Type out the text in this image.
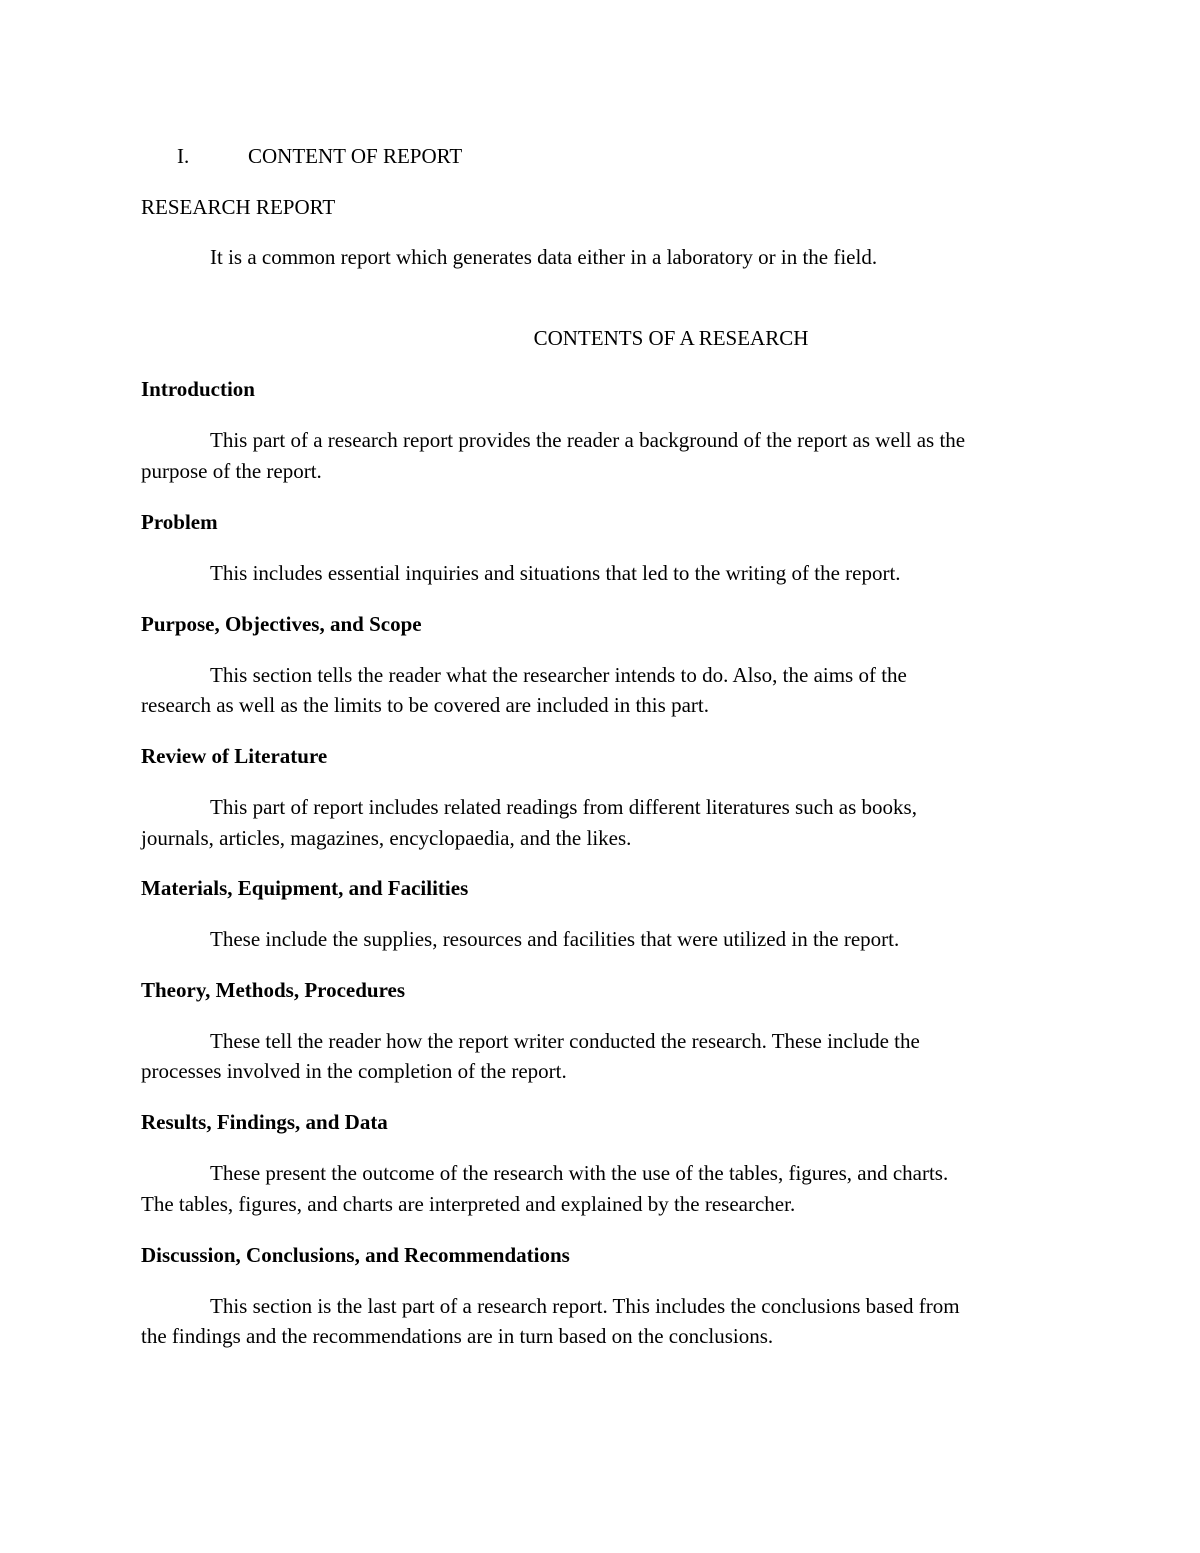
I.	CONTENT OF REPORT
RESEARCH REPORT
It is a common report which generates data either in a laboratory or in the field.
CONTENTS OF A RESEARCH
Introduction
This part of a research report provides the reader a background of the report as well as the
purpose of the report.
Problem
This includes essential inquiries and situations that led to the writing of the report.
Purpose, Objectives, and Scope
This section tells the reader what the researcher intends to do. Also, the aims of the
research as well as the limits to be covered are included in this part.
Review of Literature
This part of report includes related readings from different literatures such as books,
journals, articles, magazines, encyclopaedia, and the likes.
Materials, Equipment, and Facilities
These include the supplies, resources and facilities that were utilized in the report.
Theory, Methods, Procedures
These tell the reader how the report writer conducted the research. These include the
processes involved in the completion of the report.
Results, Findings, and Data
These present the outcome of the research with the use of the tables, figures, and charts.
The tables, figures, and charts are interpreted and explained by the researcher.
Discussion, Conclusions, and Recommendations
This section is the last part of a research report. This includes the conclusions based from
the findings and the recommendations are in turn based on the conclusions.
